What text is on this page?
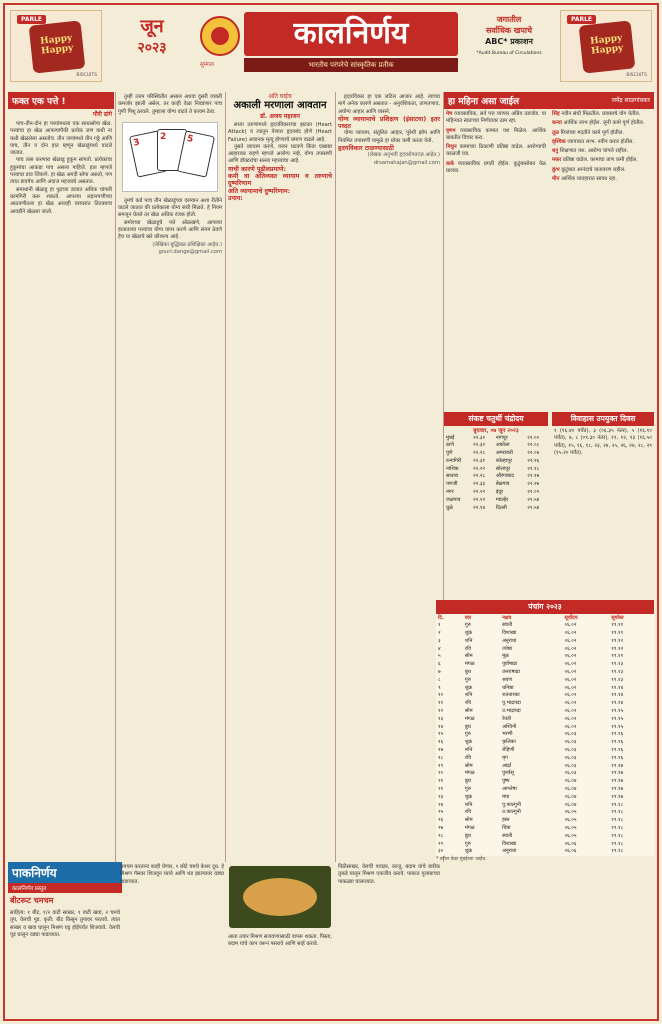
PARLE
Happy
Happy
BISCUITS
जून
२०२३	कालनिर्णय
भारतीय परंपरेचे सांस्कृतिक प्रतीक
सुमंगल
जगातील
सर्वाधिक खपाचे
ABC* प्रकाशन
*Audit Bureau of Circulations
PARLE
Happy
Happy
BISCUITS
फक्त एक पत्ते !
गौरी डांगे

पाच-तीन-दोन हा पत्त्यांमधला एक साधासोपा खेळ. पत्त्यांचा हा खेळ आपल्यापैकी प्रत्येक जण कधी ना कधी खेळलेला असतोच. तीन जणांमध्ये तीन गठ्ठे आणि पाच, तीन व दोन हात म्हणून खेळाडूंमध्ये वाटले जातात.

पाच तास करणारा खेळाडू हुकूम सांगतो. प्रत्येकाचा हुकुमांचा आकडा पाच असला पाहिजे. हात म्हणजे पत्त्याचा डाव जिंकणे. हा खेळ अगदी सोपा असतो, पण त्यात डावपेच आणि अंदाज महत्त्वाचे असतात.

समाधानी खेळाडू हा पुढच्या डावात अधिक चांगली कामगिरी करू शकतो. आपल्या लहानपणीच्या आठवणीतला हा खेळ आजही घराघरांत तितक्याच आवडीने खेळला जातो.

तुम्ही उत्तम परिस्थितीत असाल अथवा दुसरी व्यक्ती कमजोर झाली असेल, तर काही वेळा निवडणार पाच गुणी पिशू ठरवले. तुम्हाला योग्य वाटते ते कायम ठेवा.

3
2	5

तुमचे कर्ड पाच तीन खेळाडूंच्या दरम्यान अशा रीतीने वाटले जातात की प्रत्येकाला योग्य संधी मिळते. हे नियम समजून घेतले तर खेळ अधिक रंजक होतो.

समोरच्या खेळाडूचे पत्ते ओळखणे, आपल्या हातातल्या पत्त्यांचा योग्य वापर करणे आणि संयम ठेवणे हेच या खेळाचे खरे कौशल्य आहे.

(लेखिका बुद्धिबळ प्रशिक्षिका आहेत.)

gouri.dange@gmail.com

अति घाईच
अकाली मरणाला आवतान
डॉ. अजय महाजन

सध्या तरुणांमध्ये हृदयविकाराचा झटका (Heart Attack) व त्यातून येणारा हृदयबंद होणे (Heart Failure) अचानक मृत्यू होण्याचे प्रमाण वाढले आहे.

नुसते व्यायाम करणे, वजन घटवणे किंवा एखाद्या आहारावर राहणे म्हणजे आरोग्य नव्हे. योग्य तपासणी आणि डॉक्टरांचा सल्ला महत्त्वाचा आहे.

याची कारणे पुढीलप्रमाणे:
कमी वा अतिव्यस्त व्यायाम व तरुणाचे दुष्परिणाम
अति व्यायामाचे दुष्परिणाम:
उपाय:

हृदयविकार हा एक जटिल आजार आहे. त्याच्या मागे अनेक कारणे असतात - अनुवंशिकता, ताणतणाव, अयोग्य आहार आणि व्यसने.

योग्य व्यायामाचे प्रशिक्षण (इंसाटया) इतर पध्दत

योग्य व्यायाम, संतुलित आहार, पुरेशी झोप आणि नियमित तपासणी यामुळे हा धोका कमी करता येतो.

हृदयविकार टाळण्यासाठी

(लेखक अनुभवी हृदयरोगतज्ज्ञ आहेत.)

drsamahajan@gmail.com

हा महिना असा जाईल	जयेंद्र साळगांवकर
मेष व्यावसायिक, सर्व पत्त व्यापार अप्रिय तडजोड. या महिन्यात स्वतःच्या निर्णयावर ठाम रहा.
वृषभ व्यवसायिक कामात यश मिळेल. आर्थिक बाबतीत विचार करा.
मिथुन कामाच्या ठिकाणी प्रतिष्ठा वाढेल. आरोग्याची काळजी घ्या.
कर्क व्यावसायिक प्रगती होईल. कुटुंबासोबत वेळ घालवा.
सिंह नवीन संधी मिळतील. प्रवासाचे योग येतील.
कन्या आर्थिक लाभ होईल. जुनी कामे पूर्ण होतील.
तूळ मित्रांच्या मदतीने कामे पूर्ण होतील.
वृश्चिक व्यापारात लाभ. नवीन करार होतील.
धनु शिक्षणात यश. आरोग्य चांगले राहील.
मकर प्रतिष्ठा वाढेल. कामाचा ताण कमी होईल.
कुंभ कुटुंबात आनंदाचे वातावरण राहील.
मीन आर्थिक व्यवहारात सावध रहा.
संकष्ट चतुर्थी चंद्रोदय
बुधवार, ०७ जून २०२३
मुंबई	२२.३२	नागपूर	२२.००
ठाणे	२२.३२	अकोला	२२.०८
पुणे	२२.२८	अमरावती	२२.०४
रत्नागिरी	२२.३१	कोल्हापूर	२२.२६
नाशिक	२२.२२	सोलापूर	२२.१८
सातारा	२२.२८	औरंगाबाद	२२.१७
पणजी	२२.३३	बेळगाव	२२.२७
नगर	२२.२२	इंदूर	२२.०९
जळगाव	२२.१२	ग्वाल्हेर	२१.५४
धुळे	२२.१४	दिल्ली	२१.५४
विवाहास उपयुक्त दिवस
१ (१६.४० पर्यंत), ३ (०६.३५ नंतर), ५ (१६.१० पर्यंत), ७, ८ (०९.३० नंतर), ११, १२, १३ (१६.५० पर्यंत), १५, १६, १८, २३, २४, २५, २६, २७, २८, २९ (१५.२० पर्यंत).
पंचांग २०२३
दि.	वार	नक्षत्र	सूर्योदय	सूर्यास्त
१	गुरु	स्वाती	०६.०२	१९.११
२	शुक्र	विशाखा	०६.०२	१९.११
३	शनि	अनुराधा	०६.०२	१९.१२
४	रवि	ज्येष्ठा	०६.०२	१९.१२
५	सोम	मूळ	०६.०२	१९.१२
६	मंगळ	पूर्वाषाढा	०६.०२	१९.१३
७	बुध	उत्तराषाढा	०६.०२	१९.१३
८	गुरु	श्रवण	०६.०२	१९.१३
९	शुक्र	धनिष्ठा	०६.०२	१९.१४
१०	शनि	शततारका	०६.०२	१९.१४
११	रवि	पू.भाद्रपदा	०६.०२	१९.१४
१२	सोम	उ.भाद्रपदा	०६.०२	१९.१५
१३	मंगळ	रेवती	०६.०२	१९.१५
१४	बुध	अश्विनी	०६.०२	१९.१५
१५	गुरु	भरणी	०६.०३	१९.१६
१६	शुक्र	कृत्तिका	०६.०३	१९.१६
१७	शनि	रोहिणी	०६.०३	१९.१६
१८	रवि	मृग	०६.०३	१९.१६
१९	सोम	आर्द्रा	०६.०३	१९.१७
२०	मंगळ	पुनर्वसू	०६.०३	१९.१७
२१	बुध	पुष्य	०६.०४	१९.१७
२२	गुरु	आश्लेषा	०६.०४	१९.१७
२३	शुक्र	मघा	०६.०४	१९.१७
२४	शनि	पू.फाल्गुनी	०६.०४	१९.१८
२५	रवि	उ.फाल्गुनी	०६.०५	१९.१८
२६	सोम	हस्त	०६.०५	१९.१८
२७	मंगळ	चित्रा	०६.०५	१९.१८
२८	बुध	स्वाती	०६.०५	१९.१८
२९	गुरु	विशाखा	०६.०६	१९.१८
३०	शुक्र	अनुराधा	०६.०६	१९.१८
* वरील वेळा मुंबईच्या आहेत.
पाकनिर्णय
कालनिर्णय प्रस्तुत
बीटरूट चमचम
साहित्य: १ बीट, १/२ वाटी साखर, १ वाटी खवा, २ चमचे तूप, वेलची पूड. कृती: बीट किसून तुपावर परतावे. त्यात साखर व खवा घालून मिश्रण घट्ट होईपर्यंत शिजवावे. वेलची पूड घालून वड्या पाडाव्यात.
चमचम करताना काही घेणार, ९ छोटे चमचे केशर दूध. हे मिश्रण गॅसवर शिजवून घ्यावे आणि थंड झाल्यावर वड्या पाडाव्यात.
आता तयार मिश्रण सजवण्यासाठी वापरू शकता. पिस्ता, बदाम यांचे काप वरून पसरावे आणि सर्व्ह करावे.
पिठीसाखर, वेलची पावडर, काजू, बदाम यांचे बारीक तुकडे घालून मिश्रण एकजीव करावे. पाकात गुलाबाच्या पाकळ्या घालाव्यात.
